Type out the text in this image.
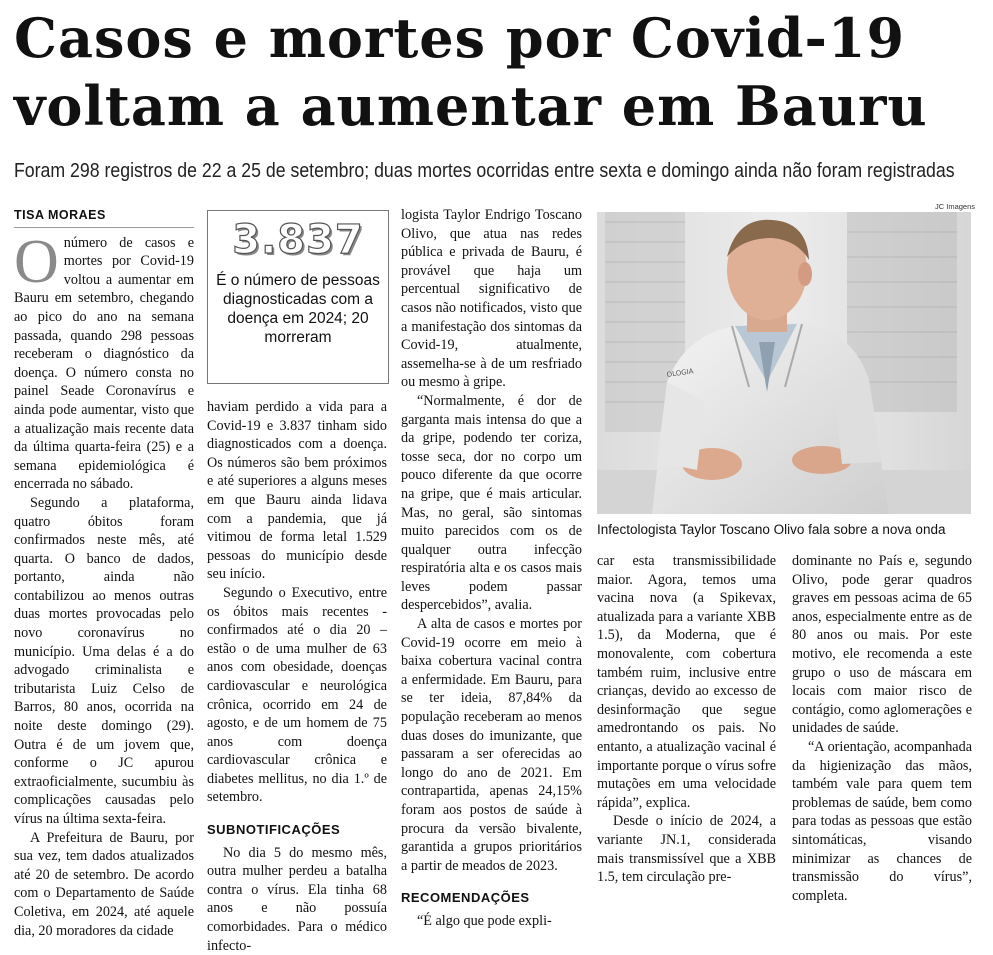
Casos e mortes por Covid-19
voltam a aumentar em Bauru
Foram 298 registros de 22 a 25 de setembro; duas mortes ocorridas entre sexta e domingo ainda não foram registradas
TISA MORAES

Onúmero de casos e mortes por Covid-19 voltou a aumentar em Bauru em setembro, chegando ao pico do ano na semana passada, quando 298 pessoas receberam o diagnóstico da doença. O número consta no painel Seade Coronavírus e ainda pode aumentar, visto que a atualização mais recente data da última quarta-feira (25) e a semana epidemiológica é encerrada no sábado.

Segundo a plataforma, quatro óbitos foram confirmados neste mês, até quarta. O banco de dados, portanto, ainda não contabilizou ao menos outras duas mortes provocadas pelo novo coronavírus no município. Uma delas é a do advogado criminalista e tributarista Luiz Celso de Barros, 80 anos, ocorrida na noite deste domingo (29). Outra é de um jovem que, conforme o JC apurou extraoficialmente, sucumbiu às complicações causadas pelo vírus na última sexta-feira.

A Prefeitura de Bauru, por sua vez, tem dados atualizados até 20 de setembro. De acordo com o Departamento de Saúde Coletiva, em 2024, até aquele dia, 20 moradores da cidade

3.837
É o número de pessoas diagnosticadas com a doença em 2024; 20 morreram

haviam perdido a vida para a Covid-19 e 3.837 tinham sido diagnosticados com a doença. Os números são bem próximos e até superiores a alguns meses em que Bauru ainda lidava com a pandemia, que já vitimou de forma letal 1.529 pessoas do município desde seu início.

Segundo o Executivo, entre os óbitos mais recentes - confirmados até o dia 20 – estão o de uma mulher de 63 anos com obesidade, doenças cardiovascular e neurológica crônica, ocorrido em 24 de agosto, e de um homem de 75 anos com doença cardiovascular crônica e diabetes mellitus, no dia 1.º de setembro.

SUBNOTIFICAÇÕES

No dia 5 do mesmo mês, outra mulher perdeu a batalha contra o vírus. Ela tinha 68 anos e não possuía comorbidades. Para o médico infecto-

logista Taylor Endrigo Toscano Olivo, que atua nas redes pública e privada de Bauru, é provável que haja um percentual significativo de casos não notificados, visto que a manifestação dos sintomas da Covid-19, atualmente, assemelha-se à de um resfriado ou mesmo à gripe.

“Normalmente, é dor de garganta mais intensa do que a da gripe, podendo ter coriza, tosse seca, dor no corpo um pouco diferente da que ocorre na gripe, que é mais articular. Mas, no geral, são sintomas muito parecidos com os de qualquer outra infecção respiratória alta e os casos mais leves podem passar despercebidos”, avalia.

A alta de casos e mortes por Covid-19 ocorre em meio à baixa cobertura vacinal contra a enfermidade. Em Bauru, para se ter ideia, 87,84% da população receberam ao menos duas doses do imunizante, que passaram a ser oferecidas ao longo do ano de 2021. Em contrapartida, apenas 24,15% foram aos postos de saúde à procura da versão bivalente, garantida a grupos prioritários a partir de meados de 2023.

RECOMENDAÇÕES

“É algo que pode expli-

JC Imagens
OLOGIA
Infectologista Taylor Toscano Olivo fala sobre a nova onda

car esta transmissibilidade maior. Agora, temos uma vacina nova (a Spikevax, atualizada para a variante XBB 1.5), da Moderna, que é monovalente, com cobertura também ruim, inclusive entre crianças, devido ao excesso de desinformação que segue amedrontando os pais. No entanto, a atualização vacinal é importante porque o vírus sofre mutações em uma velocidade rápida”, explica.

Desde o início de 2024, a variante JN.1, considerada mais transmissível que a XBB 1.5, tem circulação pre-

dominante no País e, segundo Olivo, pode gerar quadros graves em pessoas acima de 65 anos, especialmente entre as de 80 anos ou mais. Por este motivo, ele recomenda a este grupo o uso de máscara em locais com maior risco de contágio, como aglomerações e unidades de saúde.

“A orientação, acompanhada da higienização das mãos, também vale para quem tem problemas de saúde, bem como para todas as pessoas que estão sintomáticas, visando minimizar as chances de transmissão do vírus”, completa.
